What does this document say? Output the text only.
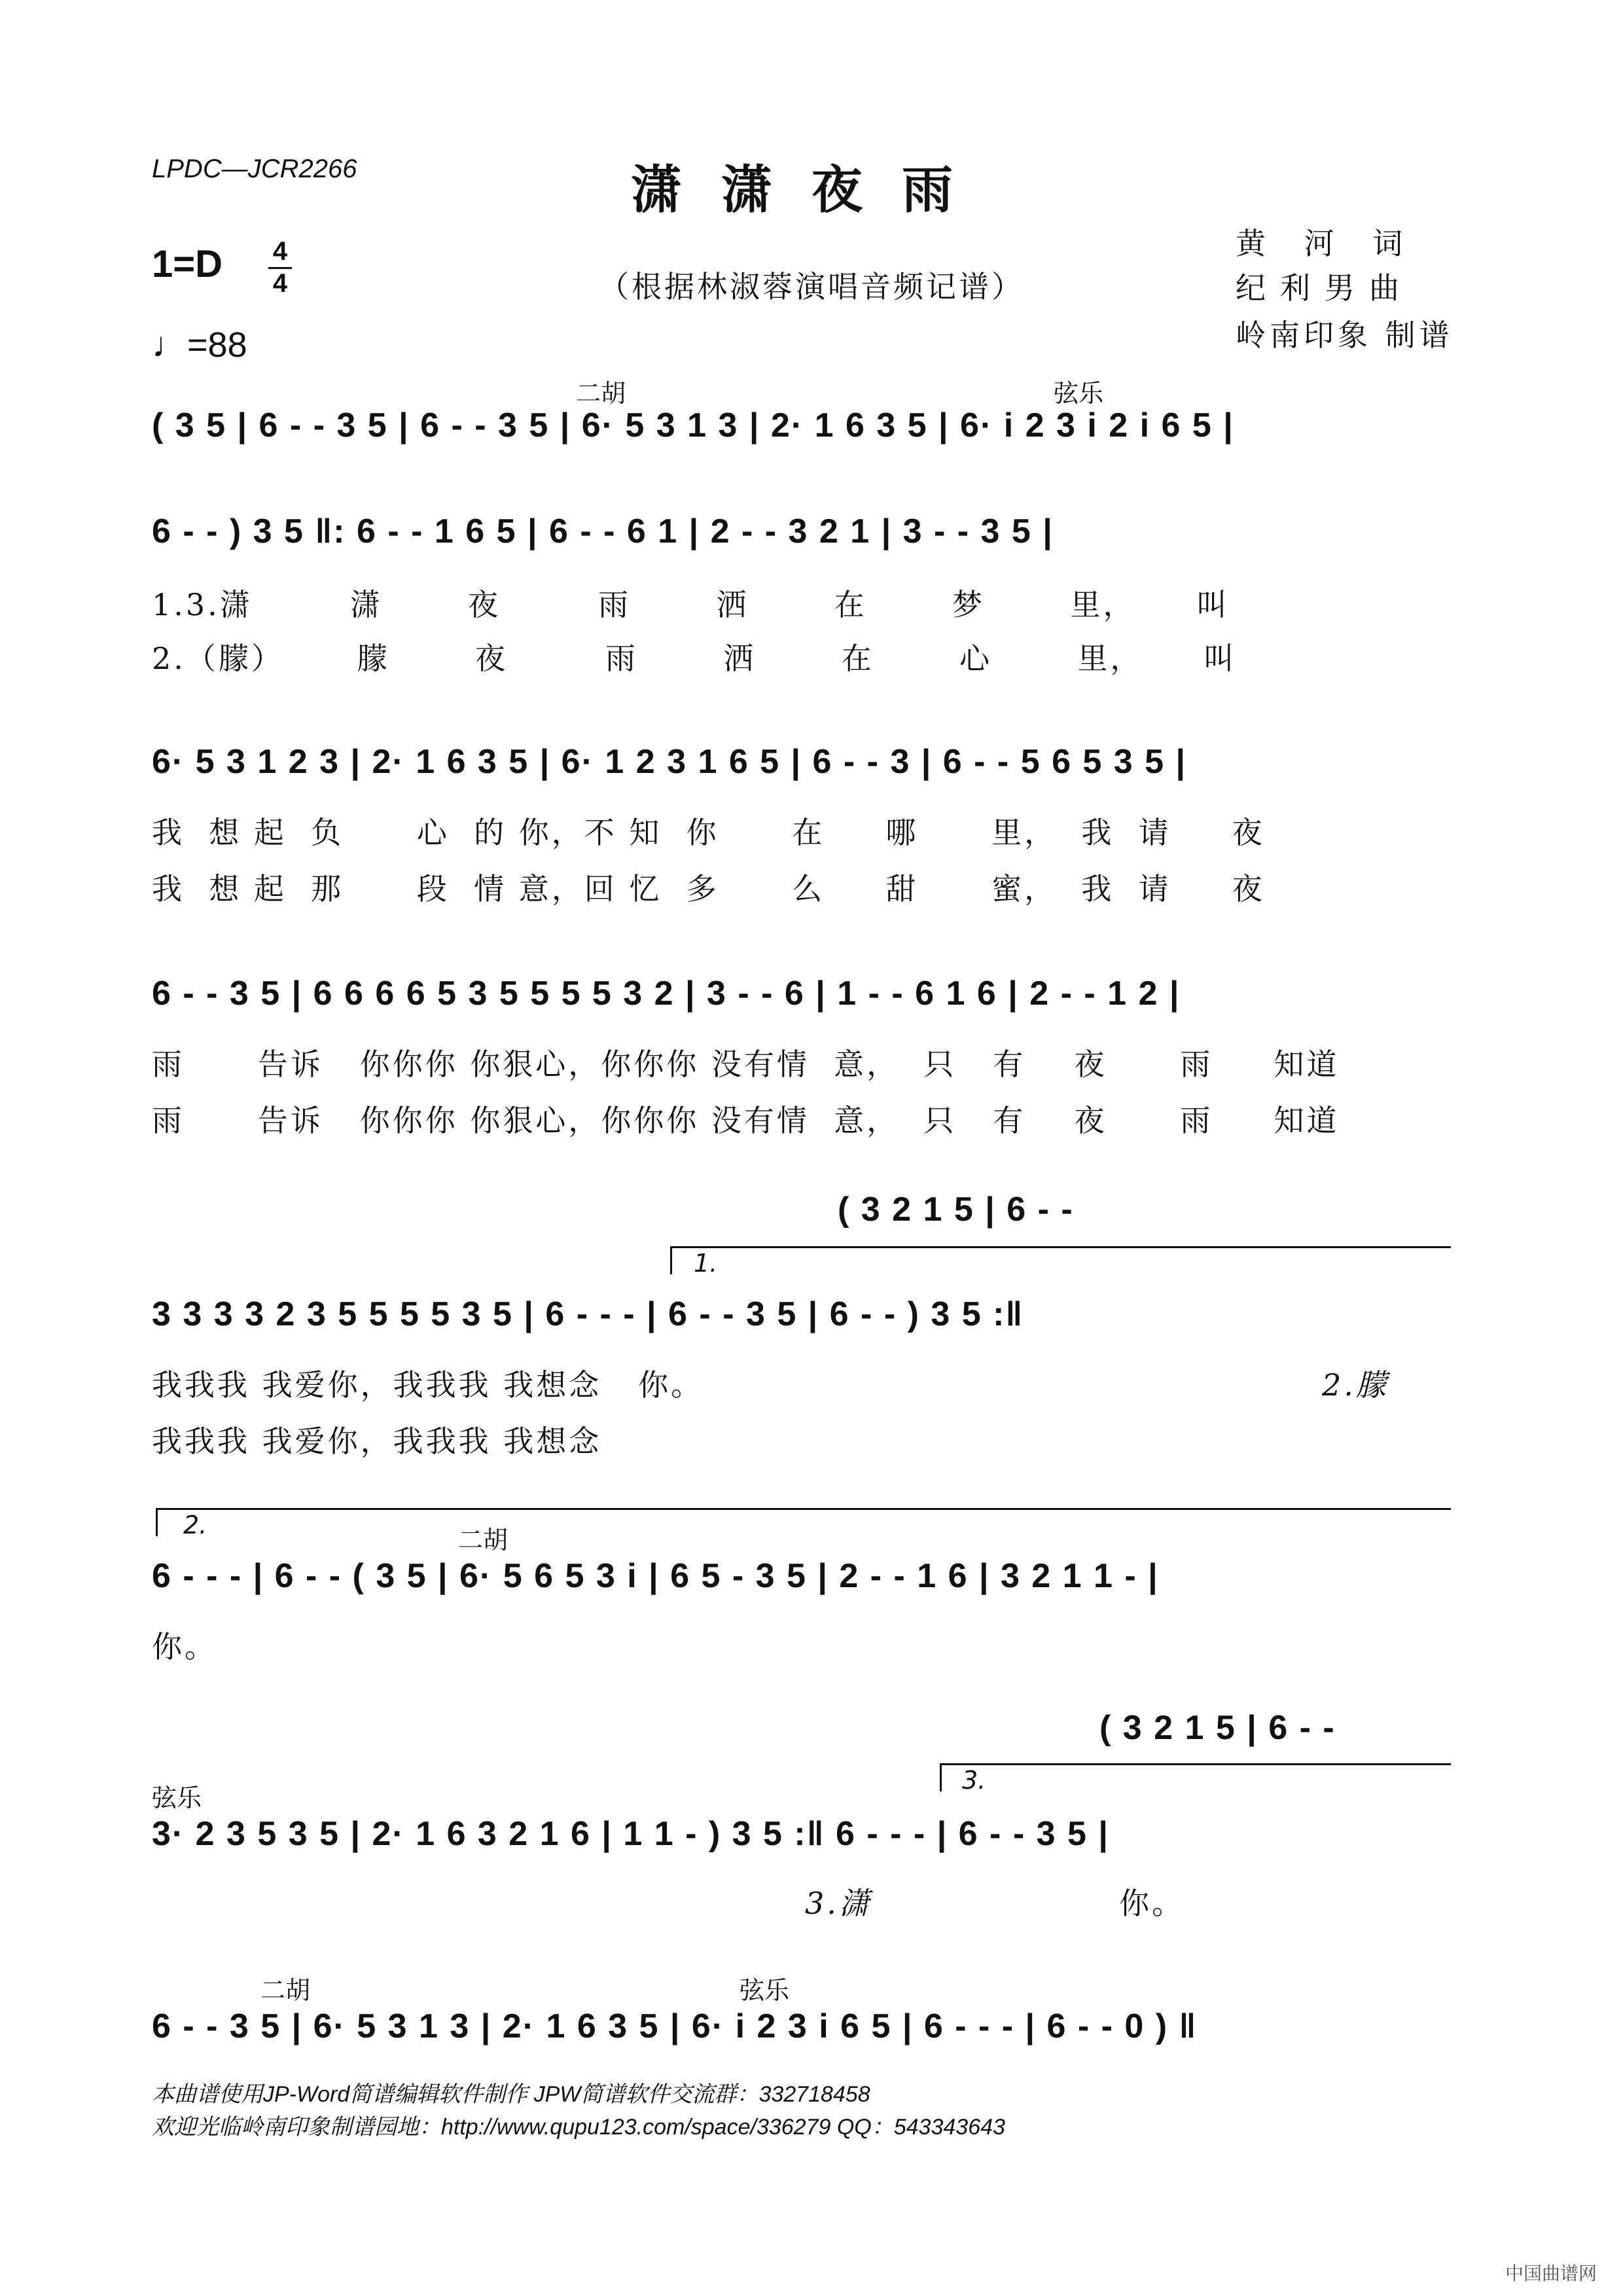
LPDC—JCR2266	潇潇夜雨
（根据林淑蓉演唱音频记谱）
1=D 4
4
♩=88
黄 河 词
纪利男曲
岭南印象 制谱
二胡	弦乐
( 3 5 | 6 - - 3 5 | 6 - - 3 5 | 6· 5 3 1 3 | 2· 1 6 3 5 | 6· i 2 3 i 2 i 6 5 |
6 - - ) 3 5 ‖: 6 - - 1 6 5 | 6 - - 6 1 | 2 - - 3 2 1 | 3 - - 3 5 |
1.3.潇        潇       夜        雨       洒       在       梦       里，     叫
2.（朦）      朦       夜        雨       洒       在       心       里，     叫
6· 5 3 1 2 3 | 2· 1 6 3 5 | 6· 1 2 3 1 6 5 | 6 - - 3 | 6 - - 5 6 5 3 5 |
我  想 起  负      心  的 你，不 知  你      在     哪      里，  我  请     夜
我  想 起  那      段  情 意，回 忆  多      么     甜      蜜，  我  请     夜
6 - - 3 5 | 6 6 6 6 5 3 5 5 5 5 3 2 | 3 - - 6 | 1 - - 6 1 6 | 2 - - 1 2 |
雨      告诉   你你你 你狠心，你你你 没有情  意，  只   有    夜      雨     知道
雨      告诉   你你你 你狠心，你你你 没有情  意，  只   有    夜      雨     知道
( 3 2 1 5 | 6 - -
1.
3 3 3 3 2 3 5 5 5 5 3 5 | 6 - - - | 6 - - 3 5 | 6 - - ) 3 5 :‖
我我我 我爱你，我我我 我想念   你。	2.朦
我我我 我爱你，我我我 我想念
2.
二胡
6 - - - | 6 - - ( 3 5 | 6· 5 6 5 3 i | 6 5 - 3 5 | 2 - - 1 6 | 3 2 1 1 - |
你。
( 3 2 1 5 | 6 - -
弦乐
3.
3· 2 3 5 3 5 | 2· 1 6 3 2 1 6 | 1 1 - ) 3 5 :‖ 6 - - - | 6 - - 3 5 |
3.潇	你。
二胡	弦乐
6 - - 3 5 | 6· 5 3 1 3 | 2· 1 6 3 5 | 6· i 2 3 i 6 5 | 6 - - - | 6 - - 0 ) ‖
本曲谱使用JP-Word简谱编辑软件制作 JPW简谱软件交流群：332718458
欢迎光临岭南印象制谱园地：http://www.qupu123.com/space/336279 QQ：543343643
中国曲谱网
